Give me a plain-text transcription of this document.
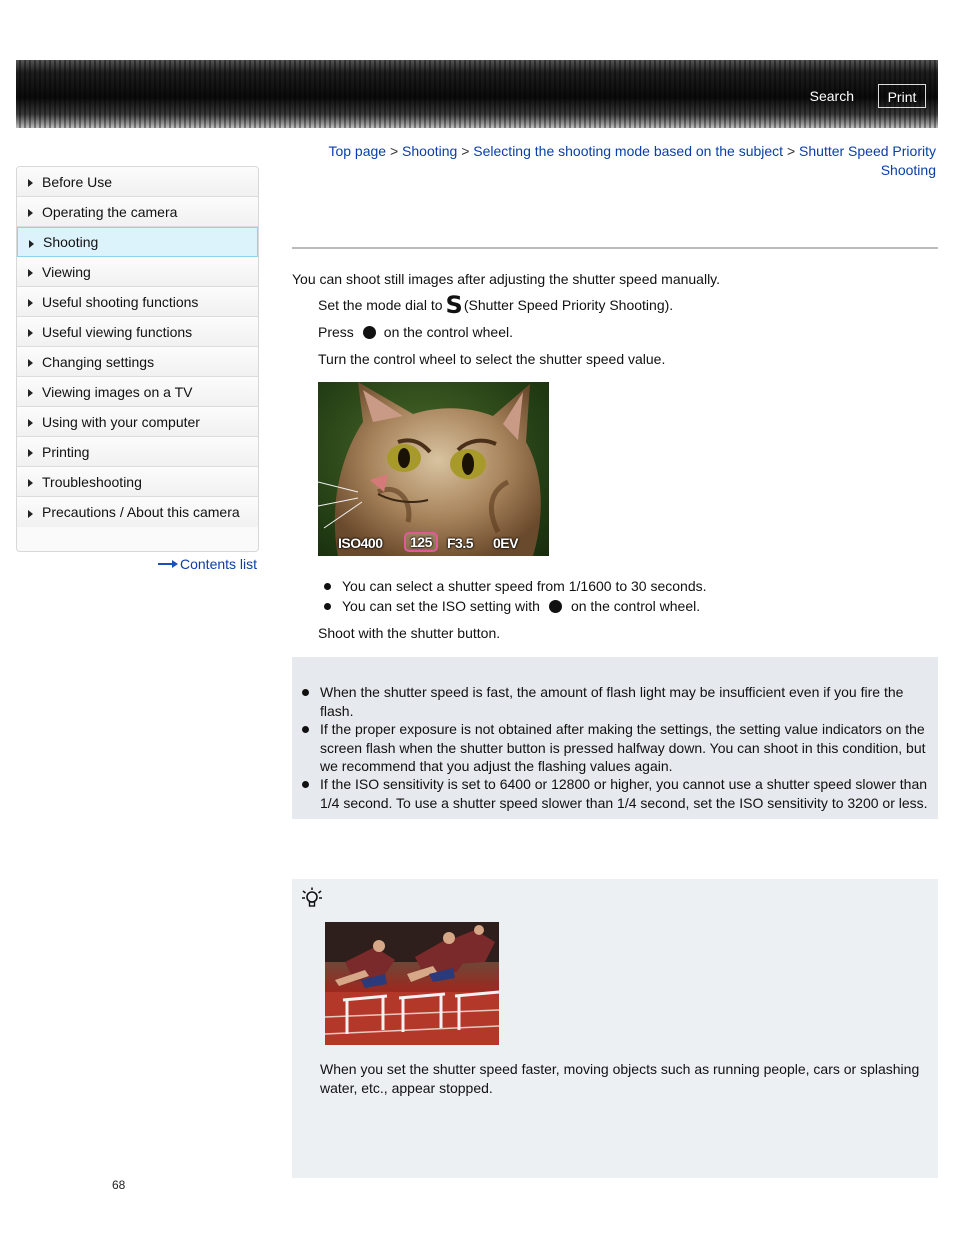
Search	Print
Top page > Shooting > Selecting the shooting mode based on the subject > Shutter Speed Priority Shooting
Before Use
Operating the camera
Shooting
Viewing
Useful shooting functions
Useful viewing functions
Changing settings
Viewing images on a TV
Using with your computer
Printing
Troubleshooting
Precautions / About this camera
Contents list
You can shoot still images after adjusting the shutter speed manually.
Set the mode dial to S (Shutter Speed Priority Shooting).
Press on the control wheel.
Turn the control wheel to select the shutter speed value.
ISO400	125	F3.5 0EV
You can select a shutter speed from 1/1600 to 30 seconds.
You can set the ISO setting with on the control wheel.
Shoot with the shutter button.
When the shutter speed is fast, the amount of flash light may be insufficient even if you fire the flash.
If the proper exposure is not obtained after making the settings, the setting value indicators on the screen flash when the shutter button is pressed halfway down. You can shoot in this condition, but we recommend that you adjust the flashing values again.
If the ISO sensitivity is set to 6400 or 12800 or higher, you cannot use a shutter speed slower than 1/4 second. To use a shutter speed slower than 1/4 second, set the ISO sensitivity to 3200 or less.
When you set the shutter speed faster, moving objects such as running people, cars or splashing water, etc., appear stopped.
68
